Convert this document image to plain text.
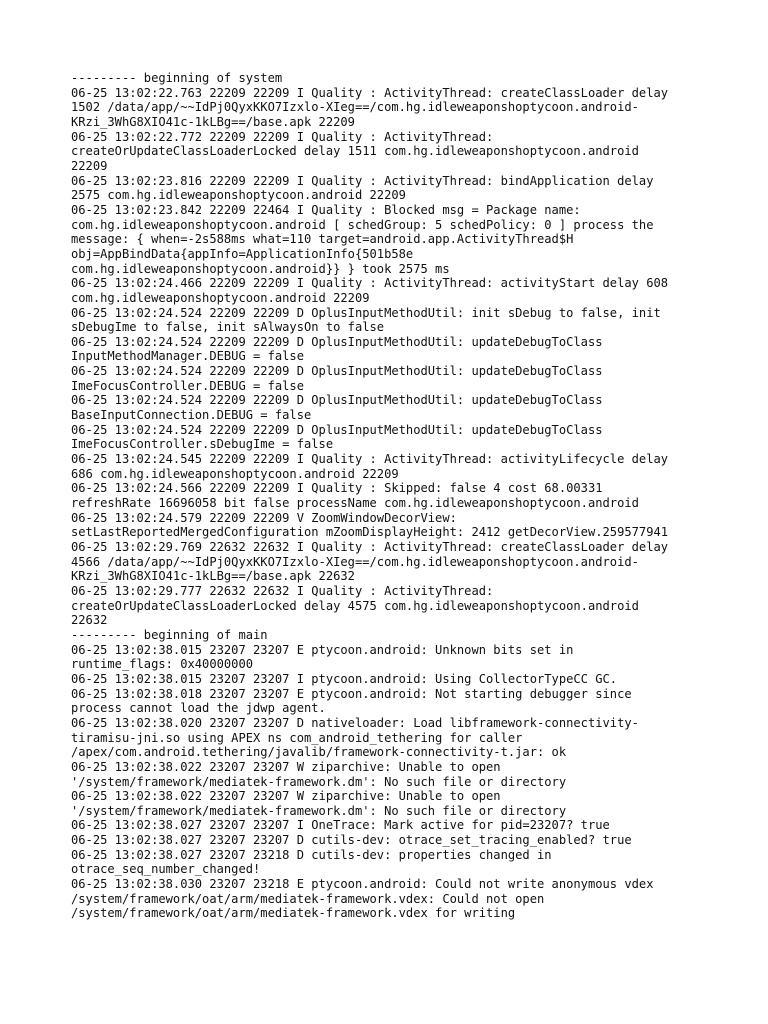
--------- beginning of system
06-25 13:02:22.763 22209 22209 I Quality : ActivityThread: createClassLoader delay
1502 /data/app/~~IdPj0QyxKKO7Izxlo-XIeg==/com.hg.idleweaponshoptycoon.android-
KRzi_3WhG8XIO41c-1kLBg==/base.apk 22209
06-25 13:02:22.772 22209 22209 I Quality : ActivityThread:
createOrUpdateClassLoaderLocked delay 1511 com.hg.idleweaponshoptycoon.android
22209
06-25 13:02:23.816 22209 22209 I Quality : ActivityThread: bindApplication delay
2575 com.hg.idleweaponshoptycoon.android 22209
06-25 13:02:23.842 22209 22464 I Quality : Blocked msg = Package name:
com.hg.idleweaponshoptycoon.android [ schedGroup: 5 schedPolicy: 0 ] process the
message: { when=-2s588ms what=110 target=android.app.ActivityThread$H
obj=AppBindData{appInfo=ApplicationInfo{501b58e
com.hg.idleweaponshoptycoon.android}} } took 2575 ms
06-25 13:02:24.466 22209 22209 I Quality : ActivityThread: activityStart delay 608
com.hg.idleweaponshoptycoon.android 22209
06-25 13:02:24.524 22209 22209 D OplusInputMethodUtil: init sDebug to false, init
sDebugIme to false, init sAlwaysOn to false
06-25 13:02:24.524 22209 22209 D OplusInputMethodUtil: updateDebugToClass
InputMethodManager.DEBUG = false
06-25 13:02:24.524 22209 22209 D OplusInputMethodUtil: updateDebugToClass
ImeFocusController.DEBUG = false
06-25 13:02:24.524 22209 22209 D OplusInputMethodUtil: updateDebugToClass
BaseInputConnection.DEBUG = false
06-25 13:02:24.524 22209 22209 D OplusInputMethodUtil: updateDebugToClass
ImeFocusController.sDebugIme = false
06-25 13:02:24.545 22209 22209 I Quality : ActivityThread: activityLifecycle delay
686 com.hg.idleweaponshoptycoon.android 22209
06-25 13:02:24.566 22209 22209 I Quality : Skipped: false 4 cost 68.00331
refreshRate 16696058 bit false processName com.hg.idleweaponshoptycoon.android
06-25 13:02:24.579 22209 22209 V ZoomWindowDecorView:
setLastReportedMergedConfiguration mZoomDisplayHeight: 2412 getDecorView.259577941
06-25 13:02:29.769 22632 22632 I Quality : ActivityThread: createClassLoader delay
4566 /data/app/~~IdPj0QyxKKO7Izxlo-XIeg==/com.hg.idleweaponshoptycoon.android-
KRzi_3WhG8XIO41c-1kLBg==/base.apk 22632
06-25 13:02:29.777 22632 22632 I Quality : ActivityThread:
createOrUpdateClassLoaderLocked delay 4575 com.hg.idleweaponshoptycoon.android
22632
--------- beginning of main
06-25 13:02:38.015 23207 23207 E ptycoon.android: Unknown bits set in
runtime_flags: 0x40000000
06-25 13:02:38.015 23207 23207 I ptycoon.android: Using CollectorTypeCC GC.
06-25 13:02:38.018 23207 23207 E ptycoon.android: Not starting debugger since
process cannot load the jdwp agent.
06-25 13:02:38.020 23207 23207 D nativeloader: Load libframework-connectivity-
tiramisu-jni.so using APEX ns com_android_tethering for caller
/apex/com.android.tethering/javalib/framework-connectivity-t.jar: ok
06-25 13:02:38.022 23207 23207 W ziparchive: Unable to open
'/system/framework/mediatek-framework.dm': No such file or directory
06-25 13:02:38.022 23207 23207 W ziparchive: Unable to open
'/system/framework/mediatek-framework.dm': No such file or directory
06-25 13:02:38.027 23207 23207 I OneTrace: Mark active for pid=23207? true
06-25 13:02:38.027 23207 23207 D cutils-dev: otrace_set_tracing_enabled? true
06-25 13:02:38.027 23207 23218 D cutils-dev: properties changed in
otrace_seq_number_changed!
06-25 13:02:38.030 23207 23218 E ptycoon.android: Could not write anonymous vdex
/system/framework/oat/arm/mediatek-framework.vdex: Could not open
/system/framework/oat/arm/mediatek-framework.vdex for writing
